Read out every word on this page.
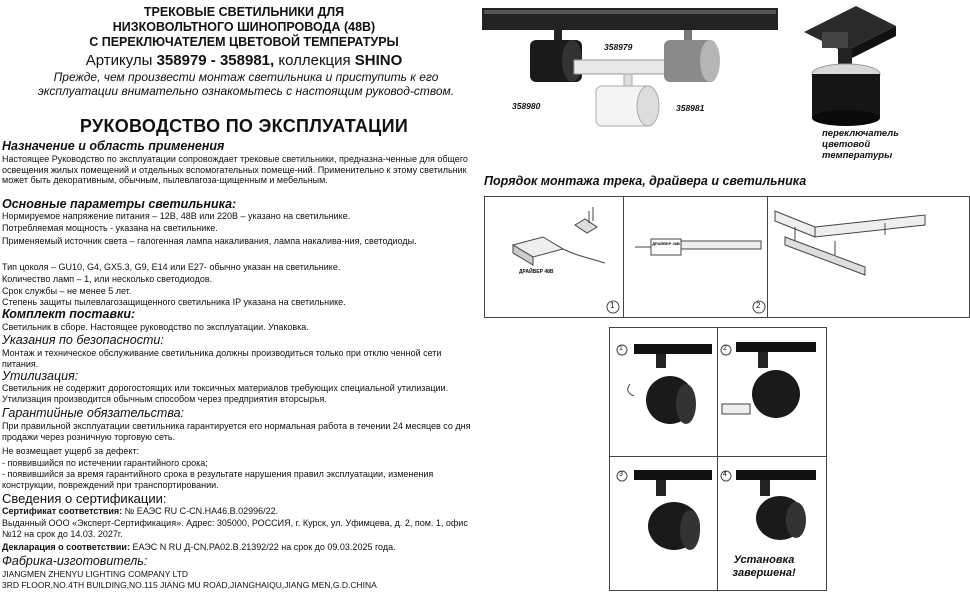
ТРЕКОВЫЕ СВЕТИЛЬНИКИ ДЛЯ
НИЗКОВОЛЬТНОГО ШИНОПРОВОДА (48В)
С ПЕРЕКЛЮЧАТЕЛЕМ ЦВЕТОВОЙ ТЕМПЕРАТУРЫ
Артикулы 358979 - 358981, коллекция SHINO
Прежде, чем произвести монтаж светильника и приступить к его эксплуатации внимательно ознакомьтесь с настоящим руковод-ством.
РУКОВОДСТВО ПО ЭКСПЛУАТАЦИИ
Назначение и область применения
Настоящее Руководство по эксплуатации сопровождает трековые светильники, предназна-ченные для общего освещения жилых помещений и отдельных вспомогательных помеще-ний. Применительно к этому светильник может быть декоративным, обычным, пылевлагоза-щищенным и мебельным.
Основные параметры светильника:
Нормируемое напряжение питания – 12В, 48В или 220В – указано на светильнике.
Потребляемая мощность - указана на светильнике.
Применяемый источник света – галогенная лампа накаливания, лампа накалива-ния, светодиоды.
Тип цоколя – GU10, G4, GX5.3, G9, E14 или E27- обычно указан на светильнике.
Количество ламп – 1, или несколько светодиодов.
Срок службы – не менее 5 лет.
Степень защиты пылевлагозащищенного светильника IP указана на светильнике.
Комплект поставки:
Светильник в сборе. Настоящее руководство по эксплуатации. Упаковка.
Указания по безопасности:
Монтаж и техническое обслуживание светильника должны производиться только при отклю ченной сети питания.
Утилизация:
Светильник не содержит дорогостоящих или токсичных материалов требующих специальной утилизации. Утилизация производится обычным способом через предприятия вторсырья.
Гарантийные обязательства:
При правильной эксплуатации светильника гарантируется его нормальная работа в течении 24 месяцев со дня продажи через розничную торговую сеть.
Не возмещает ущерб за дефект:
- появившийся по истечении гарантийного срока;
- появившийся за время гарантийного срока в результате нарушения правил эксплуатации, изменения конструкции, повреждений при транспортировании.
Сведения о сертификации:
Сертификат соответствия: № ЕАЭС RU C-CN.HA46.B.02996/22.
Выданный ООО «Эксперт-Сертификация». Адрес: 305000, РОССИЯ, г. Курск, ул. Уфимцева, д. 2, пом. 1, офис №12 на срок до 14.03. 2027г.
Декларация о соответствии: ЕАЭС N RU Д-CN.PA02.B.21392/22 на срок до 09.03.2025 года.
Фабрика-изготовитель:
JIANGMEN ZHENYU LIGHTING COMPANY LTD
3RD FLOOR,NO.4TH BUILDING,NO.115 JIANG MU ROAD,JIANGHAIQU,JIANG MEN,G.D.CHINA
358979
358980	358981
переключатель цветовой температуры
Порядок монтажа трека, драйвера и светильника
ДРАЙВЕР 48В
ДРАЙВЕР 48В
1	2
1	2
3	4
Установка завершена!
